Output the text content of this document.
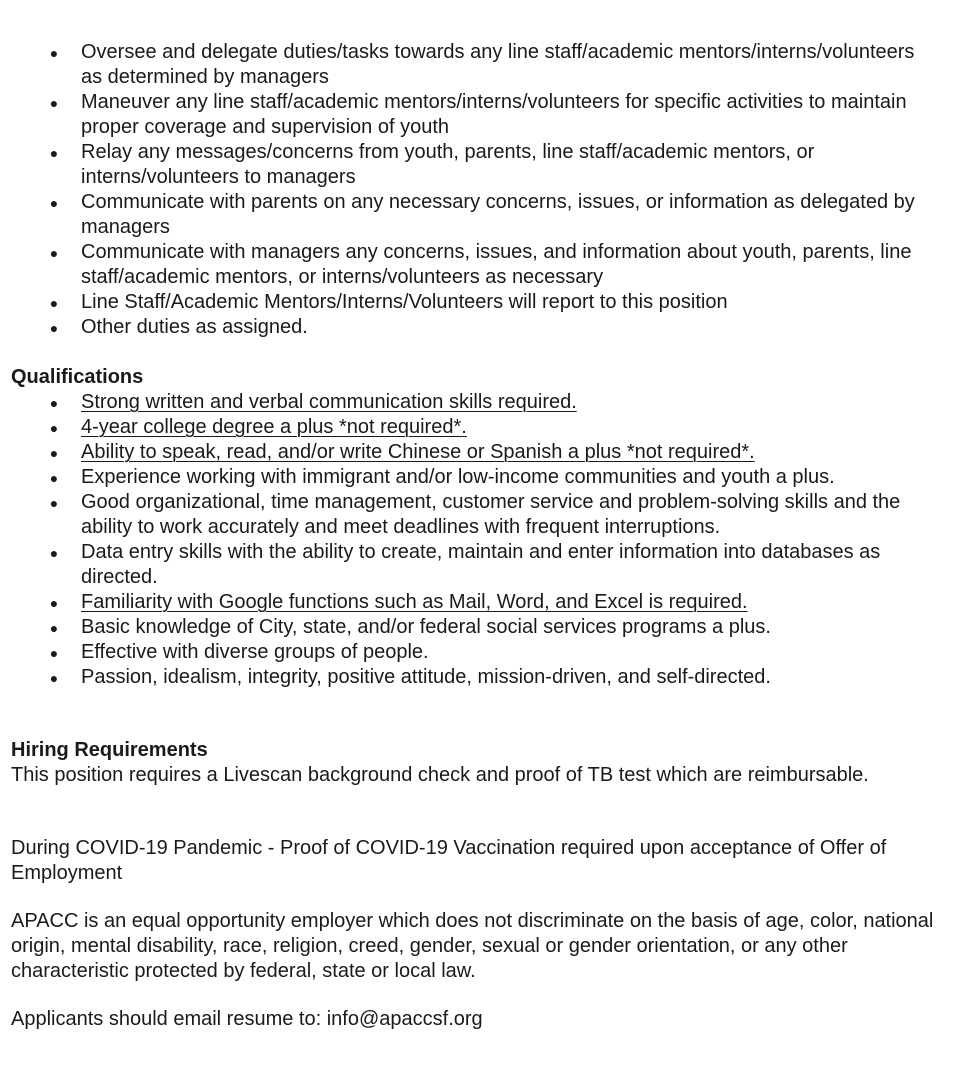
●
Oversee and delegate duties/tasks towards any line staff/academic mentors/interns/volunteers as determined by managers
●
Maneuver any line staff/academic mentors/interns/volunteers for specific activities to maintain proper coverage and supervision of youth
●
Relay any messages/concerns from youth, parents, line staff/academic mentors, or interns/volunteers to managers
●
Communicate with parents on any necessary concerns, issues, or information as delegated by managers
●
Communicate with managers any concerns, issues, and information about youth, parents, line staff/academic mentors, or interns/volunteers as necessary
●
Line Staff/Academic Mentors/Interns/Volunteers will report to this position
●
Other duties as assigned.
Qualifications
●
Strong written and verbal communication skills required.
●
4-year college degree a plus *not required*.
●
Ability to speak, read, and/or write Chinese or Spanish a plus *not required*.
●
Experience working with immigrant and/or low-income communities and youth a plus.
●
Good organizational, time management, customer service and problem-solving skills and the ability to work accurately and meet deadlines with frequent interruptions.
●
Data entry skills with the ability to create, maintain and enter information into databases as directed.
●
Familiarity with Google functions such as Mail, Word, and Excel is required.
●
Basic knowledge of City, state, and/or federal social services programs a plus.
●
Effective with diverse groups of people.
●
Passion, idealism, integrity, positive attitude, mission-driven, and self-directed.
Hiring Requirements
This position requires a Livescan background check and proof of TB test which are reimbursable.
During COVID-19 Pandemic - Proof of COVID-19 Vaccination required upon acceptance of Offer of Employment
APACC is an equal opportunity employer which does not discriminate on the basis of age, color, national origin, mental disability, race, religion, creed, gender, sexual or gender orientation, or any other characteristic protected by federal, state or local law.
Applicants should email resume to: info@apaccsf.org
